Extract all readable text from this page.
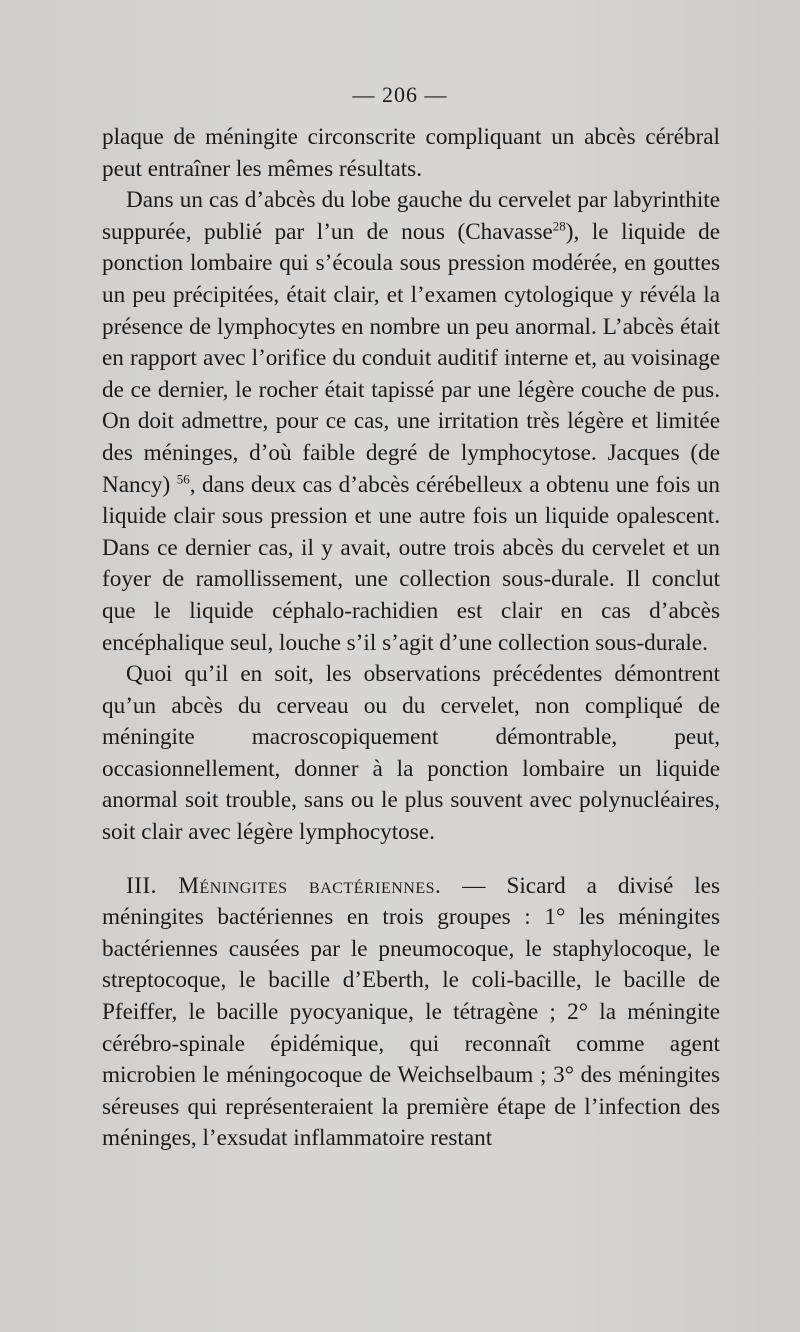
— 206 —

plaque de méningite circonscrite compliquant un abcès cérébral peut entraîner les mêmes résultats.

Dans un cas d’abcès du lobe gauche du cervelet par labyrinthite suppurée, publié par l’un de nous (Chavasse$^{28}$), le liquide de ponction lombaire qui s’écoula sous pression modérée, en gouttes un peu précipitées, était clair, et l’examen cytologique y révéla la présence de lymphocytes en nombre un peu anormal. L’abcès était en rapport avec l’orifice du conduit auditif interne et, au voisinage de ce dernier, le rocher était tapissé par une légère couche de pus. On doit admettre, pour ce cas, une irritation très légère et limitée des méninges, d’où faible degré de lymphocytose. Jacques (de Nancy) $^{56}$, dans deux cas d’abcès cérébelleux a obtenu une fois un liquide clair sous pression et une autre fois un liquide opalescent. Dans ce dernier cas, il y avait, outre trois abcès du cervelet et un foyer de ramollissement, une collection sous-durale. Il conclut que le liquide céphalo-rachidien est clair en cas d’abcès encéphalique seul, louche s’il s’agit d’une collection sous-durale.

Quoi qu’il en soit, les observations précédentes démontrent qu’un abcès du cerveau ou du cervelet, non compliqué de méningite macroscopiquement démontrable, peut, occasionnellement, donner à la ponction lombaire un liquide anormal soit trouble, sans ou le plus souvent avec polynucléaires, soit clair avec légère lymphocytose.

III. Méningites bactériennes. — Sicard a divisé les méningites bactériennes en trois groupes : 1° les méningites bactériennes causées par le pneumocoque, le staphylocoque, le streptocoque, le bacille d’Eberth, le coli-bacille, le bacille de Pfeiffer, le bacille pyocyanique, le tétragène ; 2° la méningite cérébro-spinale épidémique, qui reconnaît comme agent microbien le méningocoque de Weichselbaum ; 3° des méningites séreuses qui représenteraient la première étape de l’infection des méninges, l’exsudat inflammatoire restant
